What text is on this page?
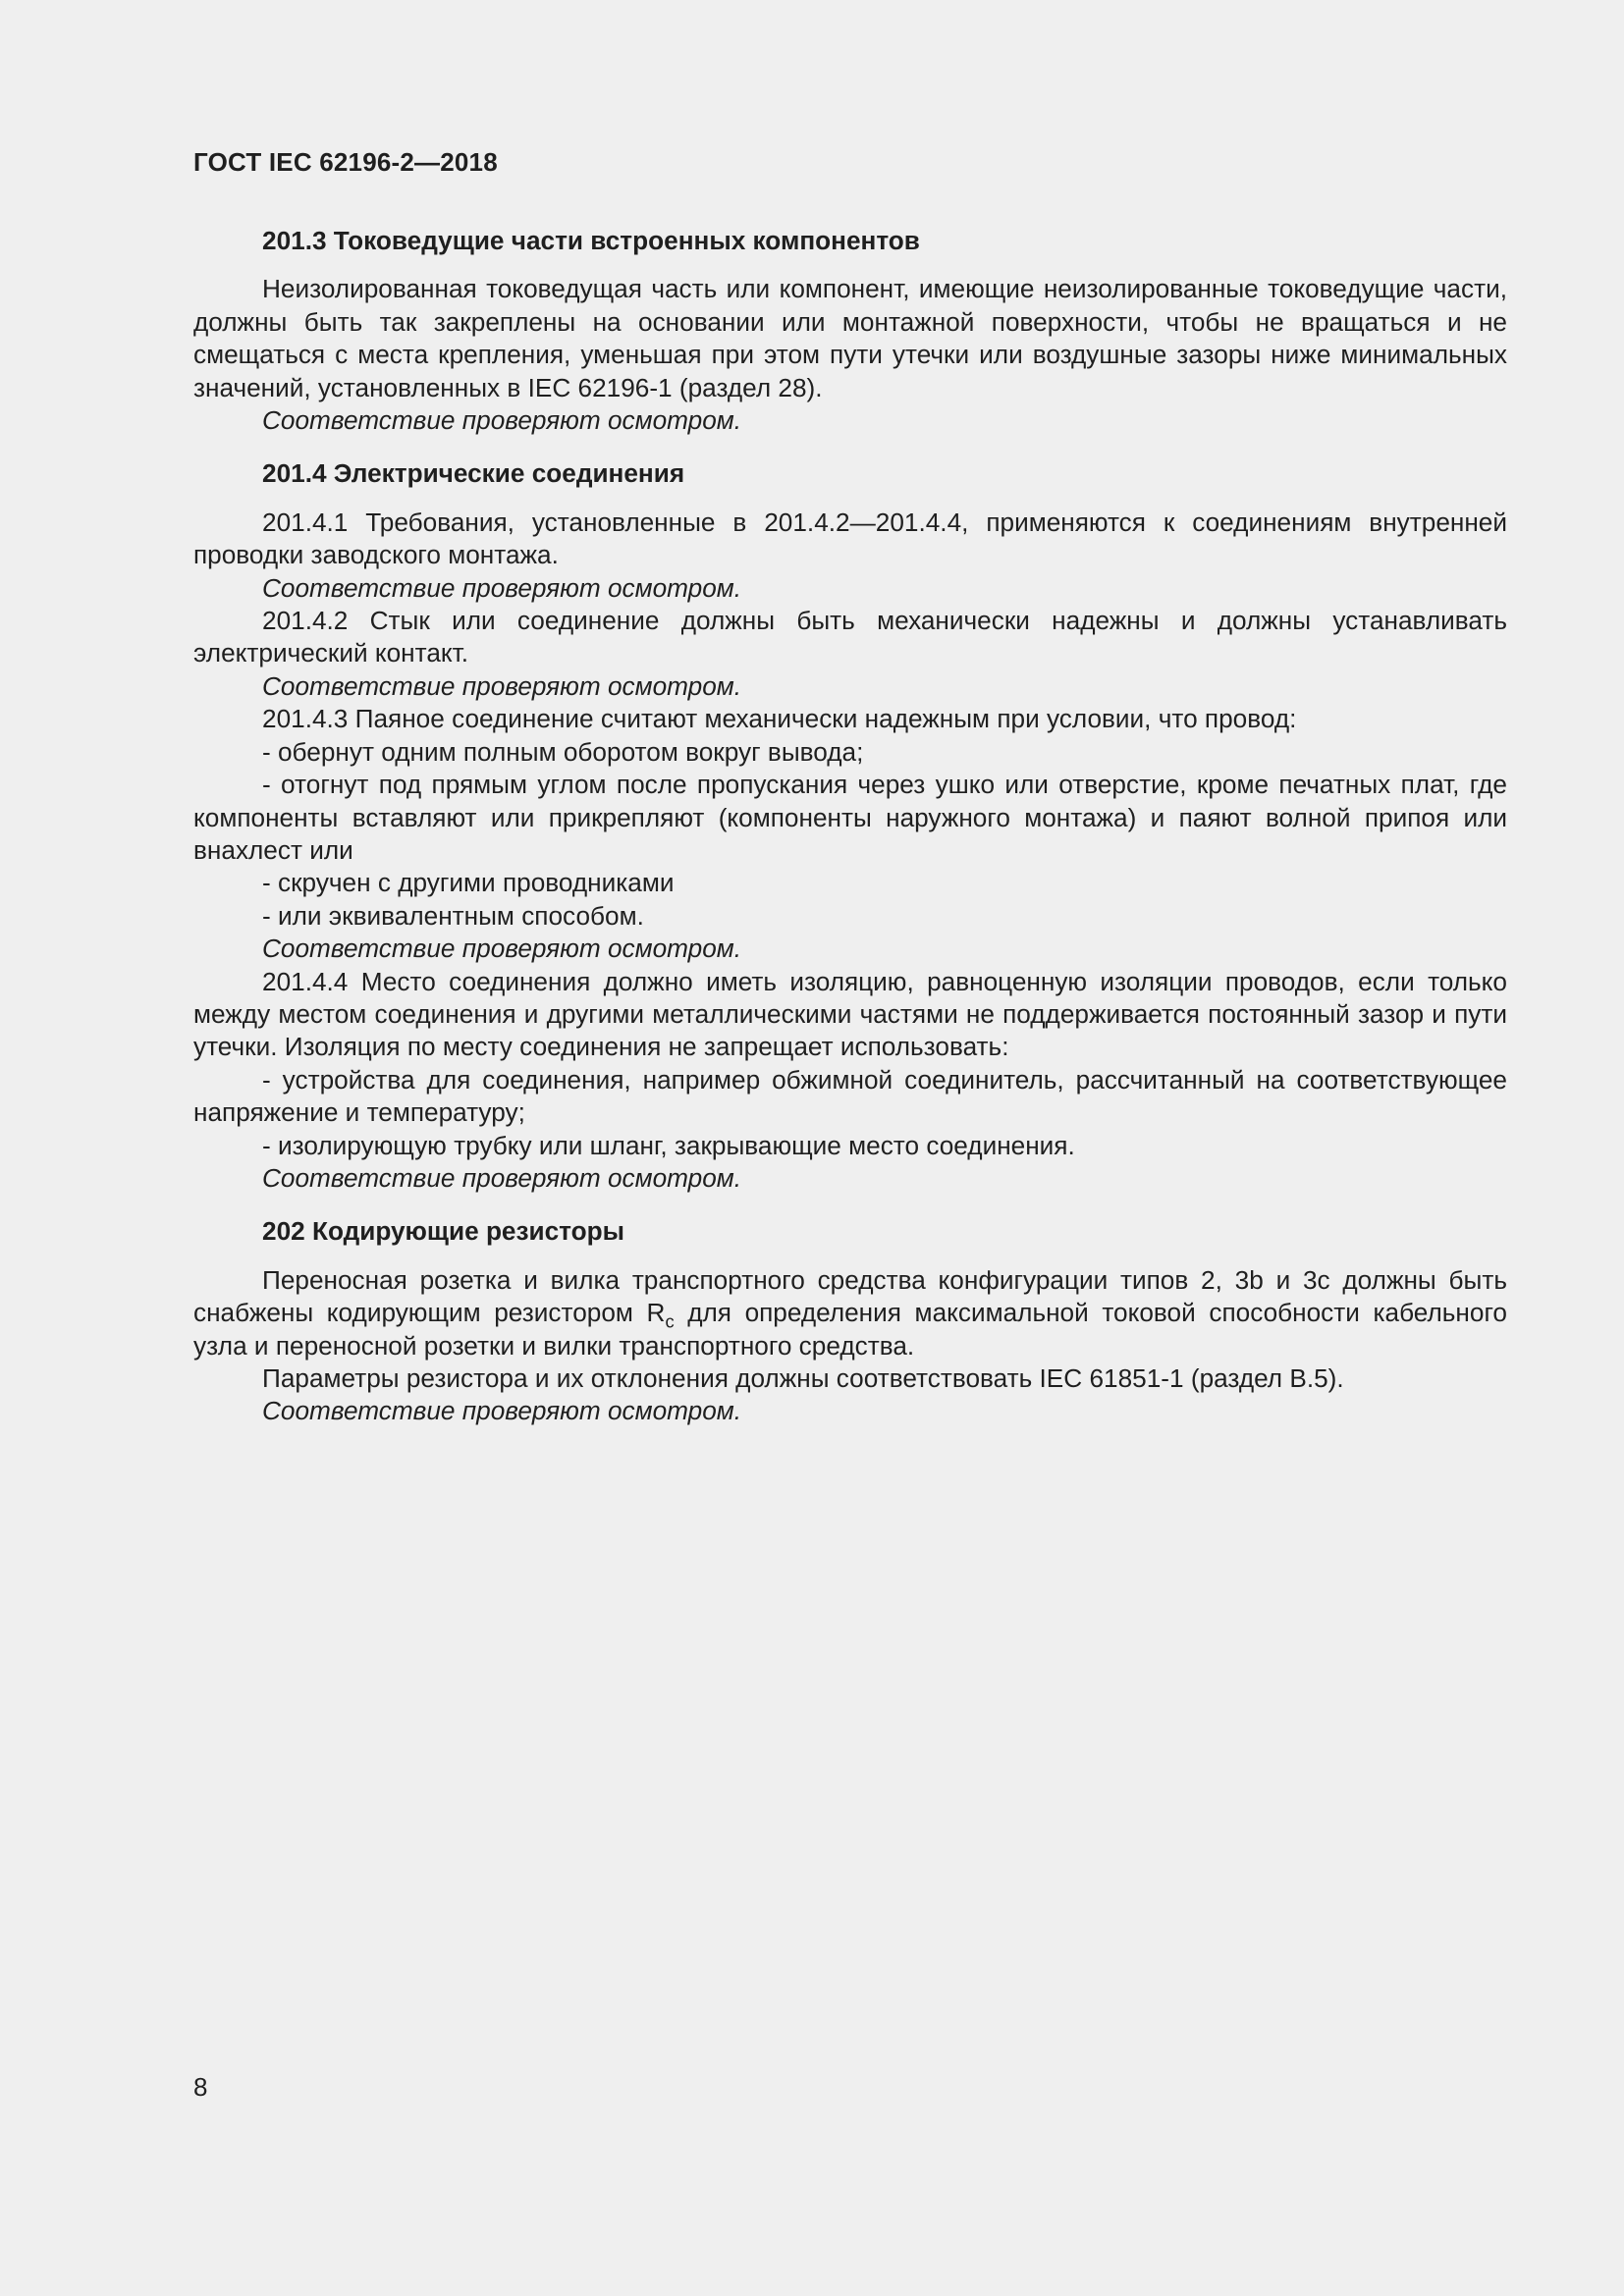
ГОСТ IEC 62196-2—2018
201.3 Токоведущие части встроенных компонентов

Неизолированная токоведущая часть или компонент, имеющие неизолированные токоведущие части, должны быть так закреплены на основании или монтажной поверхности, чтобы не вращаться и не смещаться с места крепления, уменьшая при этом пути утечки или воздушные зазоры ниже минимальных значений, установленных в IEC 62196-1 (раздел 28).

Соответствие проверяют осмотром.

201.4 Электрические соединения

201.4.1 Требования, установленные в 201.4.2—201.4.4, применяются к соединениям внутренней проводки заводского монтажа.

Соответствие проверяют осмотром.

201.4.2 Стык или соединение должны быть механически надежны и должны устанавливать электрический контакт.

Соответствие проверяют осмотром.

201.4.3 Паяное соединение считают механически надежным при условии, что провод:

- обернут одним полным оборотом вокруг вывода;

- отогнут под прямым углом после пропускания через ушко или отверстие, кроме печатных плат, где компоненты вставляют или прикрепляют (компоненты наружного монтажа) и паяют волной припоя или внахлест или

- скручен с другими проводниками

- или эквивалентным способом.

Соответствие проверяют осмотром.

201.4.4 Место соединения должно иметь изоляцию, равноценную изоляции проводов, если только между местом соединения и другими металлическими частями не поддерживается постоянный зазор и пути утечки. Изоляция по месту соединения не запрещает использовать:

- устройства для соединения, например обжимной соединитель, рассчитанный на соответствующее напряжение и температуру;

- изолирующую трубку или шланг, закрывающие место соединения.

Соответствие проверяют осмотром.

202 Кодирующие резисторы

Переносная розетка и вилка транспортного средства конфигурации типов 2, 3b и 3c должны быть снабжены кодирующим резистором $R_c$ для определения максимальной токовой способности кабельного узла и переносной розетки и вилки транспортного средства.

Параметры резистора и их отклонения должны соответствовать IEC 61851-1 (раздел B.5).

Соответствие проверяют осмотром.

8
